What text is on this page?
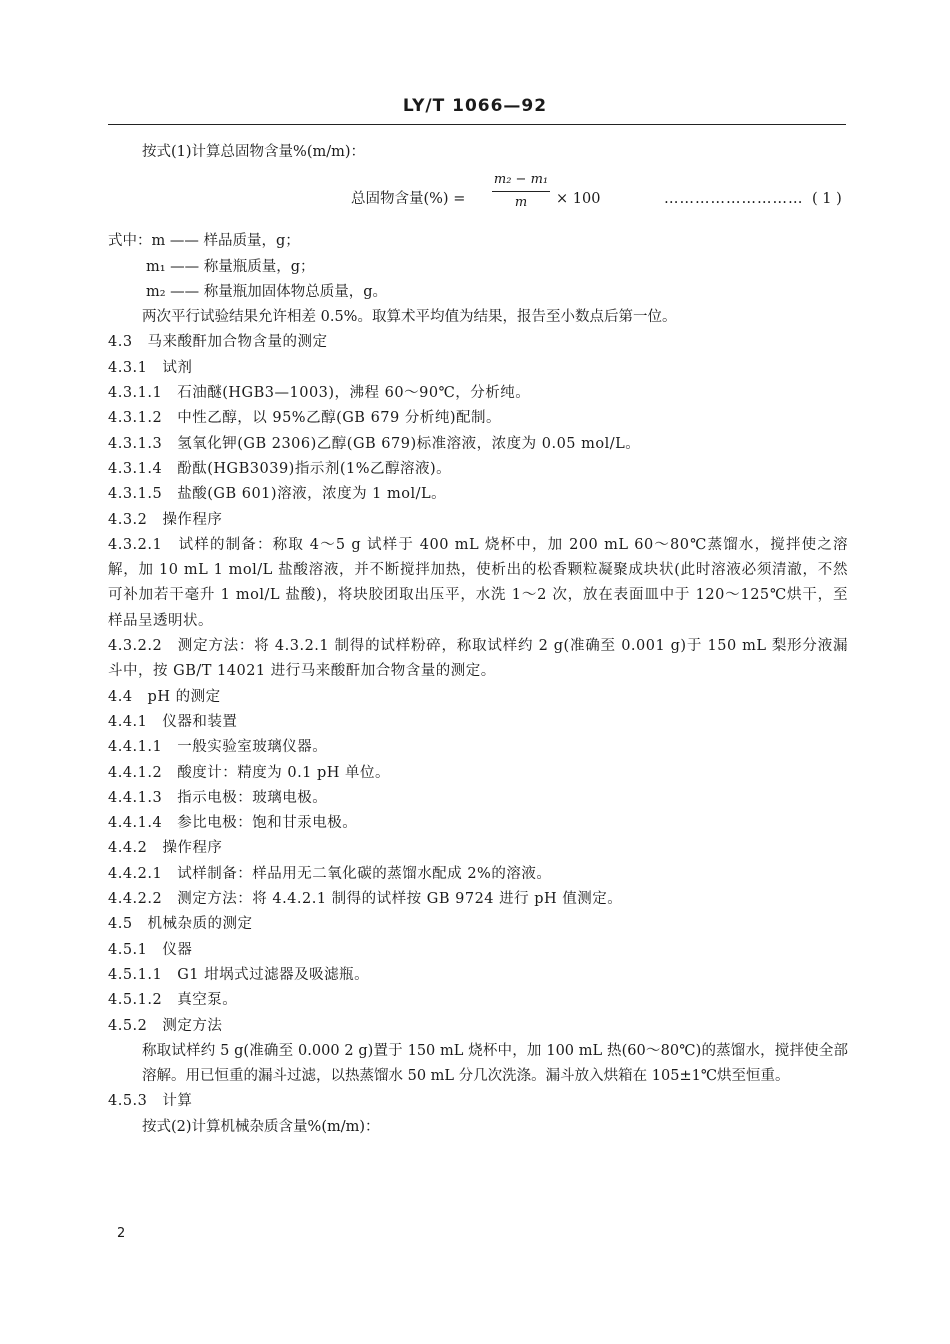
LY/T 1066—92

按式(1)计算总固物含量%(m/m)：

总固物含量(%) = $\frac{\text{m₂ − m₁}}{m} \times 100$	……………………… ( 1 )

式中：m —— 样品质量，g；

m₁ —— 称量瓶质量，g；

m₂ —— 称量瓶加固体物总质量，g。

两次平行试验结果允许相差 0.5%。取算术平均值为结果，报告至小数点后第一位。

4.3　马来酸酐加合物含量的测定

4.3.1　试剂

4.3.1.1　石油醚(HGB3—1003)，沸程 60～90℃，分析纯。

4.3.1.2　中性乙醇，以 95%乙醇(GB 679 分析纯)配制。

4.3.1.3　氢氧化钾(GB 2306)乙醇(GB 679)标准溶液，浓度为 0.05 mol/L。

4.3.1.4　酚酞(HGB3039)指示剂(1%乙醇溶液)。

4.3.1.5　盐酸(GB 601)溶液，浓度为 1 mol/L。

4.3.2　操作程序

4.3.2.1　试样的制备：称取 4～5 g 试样于 400 mL 烧杯中，加 200 mL 60～80℃蒸馏水，搅拌使之溶解，加 10 mL 1 mol/L 盐酸溶液，并不断搅拌加热，使析出的松香颗粒凝聚成块状(此时溶液必须清澈，不然可补加若干毫升 1 mol/L 盐酸)，将块胶团取出压平，水洗 1～2 次，放在表面皿中于 120～125℃烘干，至样品呈透明状。

4.3.2.2　测定方法：将 4.3.2.1 制得的试样粉碎，称取试样约 2 g(准确至 0.001 g)于 150 mL 梨形分液漏斗中，按 GB/T 14021 进行马来酸酐加合物含量的测定。

4.4　pH 的测定

4.4.1　仪器和装置

4.4.1.1　一般实验室玻璃仪器。

4.4.1.2　酸度计：精度为 0.1 pH 单位。

4.4.1.3　指示电极：玻璃电极。

4.4.1.4　参比电极：饱和甘汞电极。

4.4.2　操作程序

4.4.2.1　试样制备：样品用无二氧化碳的蒸馏水配成 2%的溶液。

4.4.2.2　测定方法：将 4.4.2.1 制得的试样按 GB 9724 进行 pH 值测定。

4.5　机械杂质的测定

4.5.1　仪器

4.5.1.1　G1 坩埚式过滤器及吸滤瓶。

4.5.1.2　真空泵。

4.5.2　测定方法

称取试样约 5 g(准确至 0.000 2 g)置于 150 mL 烧杯中，加 100 mL 热(60～80℃)的蒸馏水，搅拌使全部溶解。用已恒重的漏斗过滤，以热蒸馏水 50 mL 分几次洗涤。漏斗放入烘箱在 105±1℃烘至恒重。

4.5.3　计算

按式(2)计算机械杂质含量%(m/m)：

2
